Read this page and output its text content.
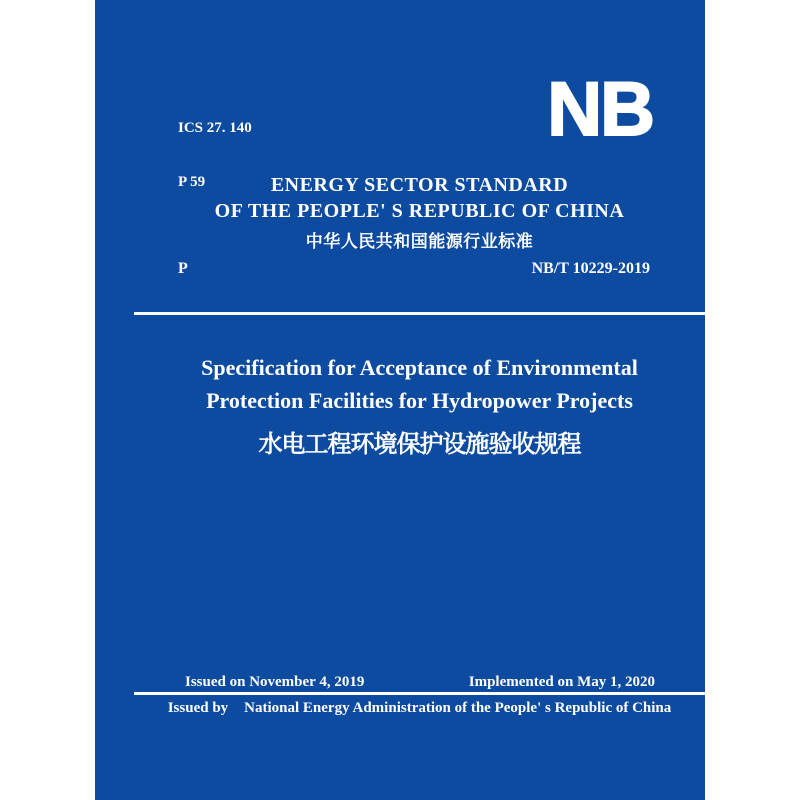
ICS 27. 140

P 59

NB
ENERGY SECTOR STANDARD
OF THE PEOPLE' S REPUBLIC OF CHINA
中华人民共和国能源行业标准
P	NB/T 10229-2019
Specification for Acceptance of Environmental
Protection Facilities for Hydropower Projects
水电工程环境保护设施验收规程
Issued on November 4, 2019	Implemented on May 1, 2020
Issued by National Energy Administration of the People' s Republic of China
